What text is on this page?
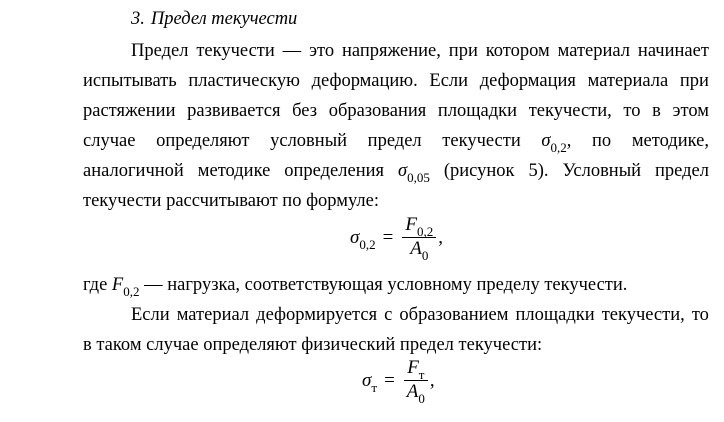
3. Предел текучести
Предел текучести — это напряжение, при котором материал начинает
испытывать пластическую деформацию. Если деформация материала при
растяжении развивается без образования площадки текучести, то в этом
случае определяют условный предел текучести $\sigma_{0,2}$, по методике,
аналогичной методике определения $\sigma_{0,05}$ (рисунок 5). Условный предел
текучести рассчитывают по формуле:
$\sigma_{0,2} = \frac{F_{0,2}}{A_0}$ ,
где $F_{0,2}$ — нагрузка, соответствующая условному пределу текучести.
Если материал деформируется с образованием площадки текучести, то
в таком случае определяют физический предел текучести:
$\sigma_т = \frac{F_т}{A_0}$ ,
